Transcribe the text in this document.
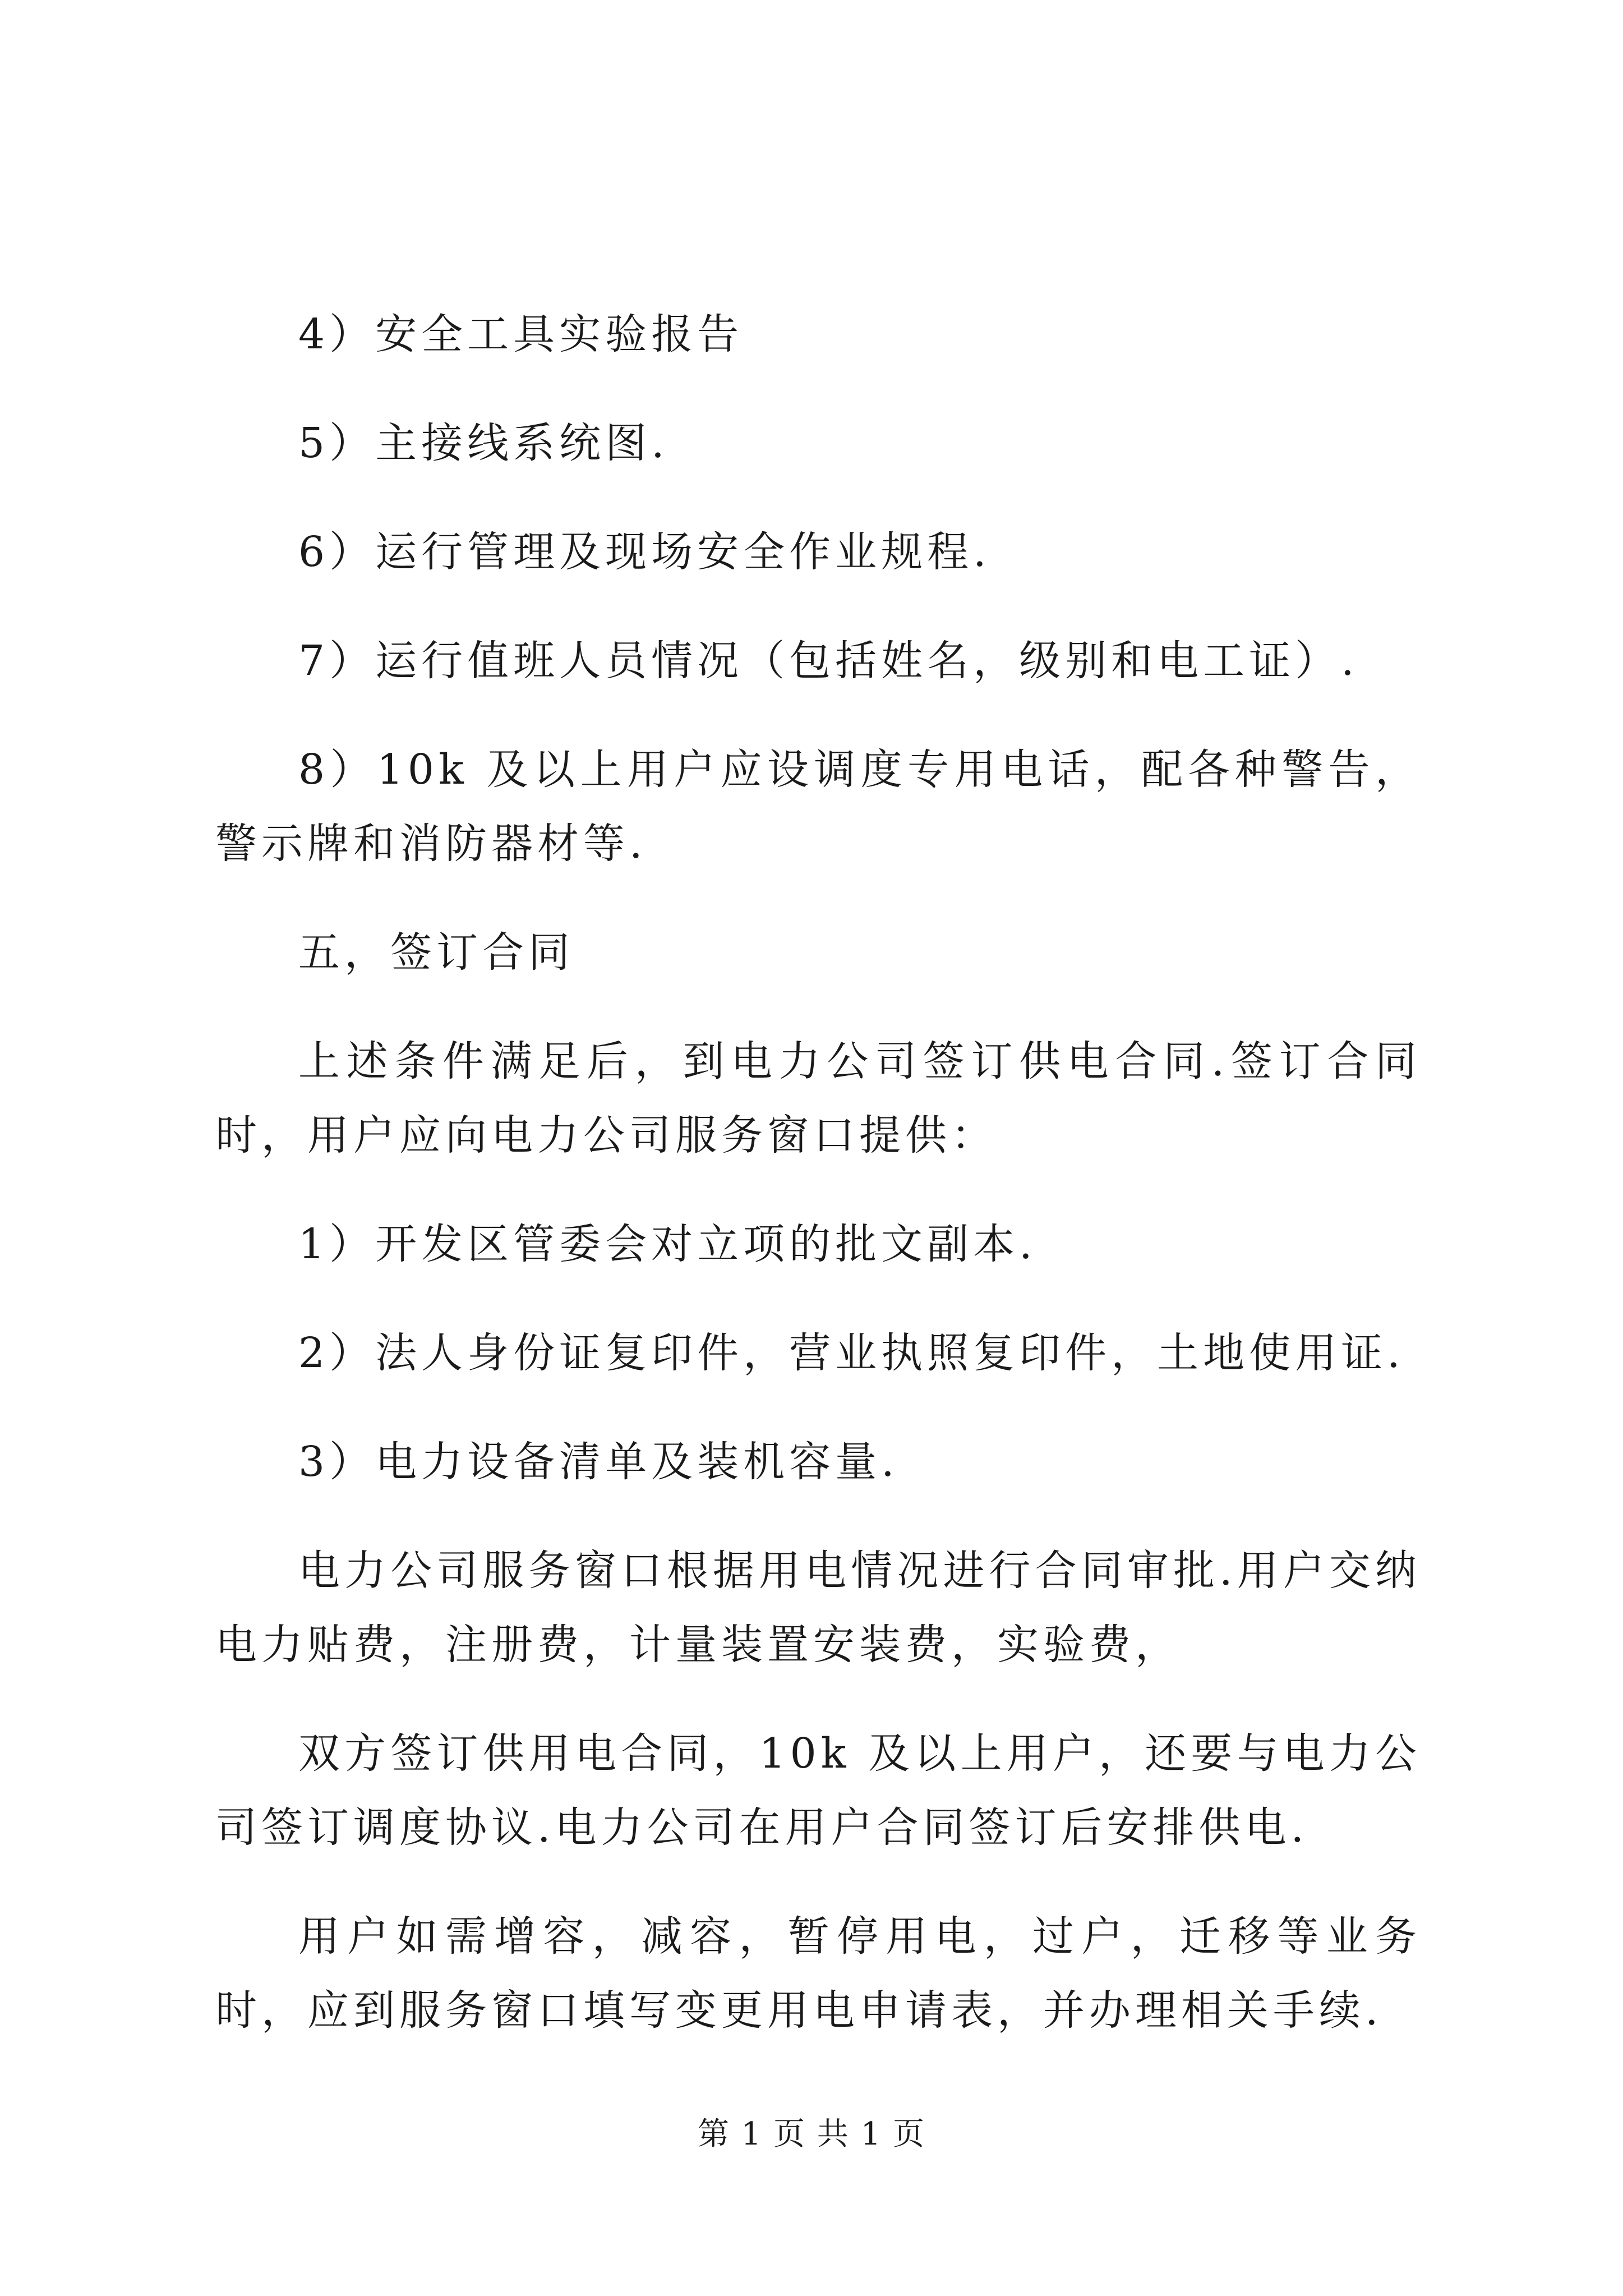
4）安全工具实验报告

5）主接线系统图.

6）运行管理及现场安全作业规程.

7）运行值班人员情况（包括姓名，级别和电工证）.

8）10k 及以上用户应设调度专用电话，配各种警告，警示牌和消防器材等.

五，签订合同

上述条件满足后，到电力公司签订供电合同.签订合同时，用户应向电力公司服务窗口提供：

1）开发区管委会对立项的批文副本.

2）法人身份证复印件，营业执照复印件，土地使用证.

3）电力设备清单及装机容量.

电力公司服务窗口根据用电情况进行合同审批.用户交纳电力贴费，注册费，计量装置安装费，实验费，

双方签订供用电合同，10k 及以上用户，还要与电力公司签订调度协议.电力公司在用户合同签订后安排供电.

用户如需增容，减容，暂停用电，过户，迁移等业务时，应到服务窗口填写变更用电申请表，并办理相关手续.

第 1 页 共 1 页
